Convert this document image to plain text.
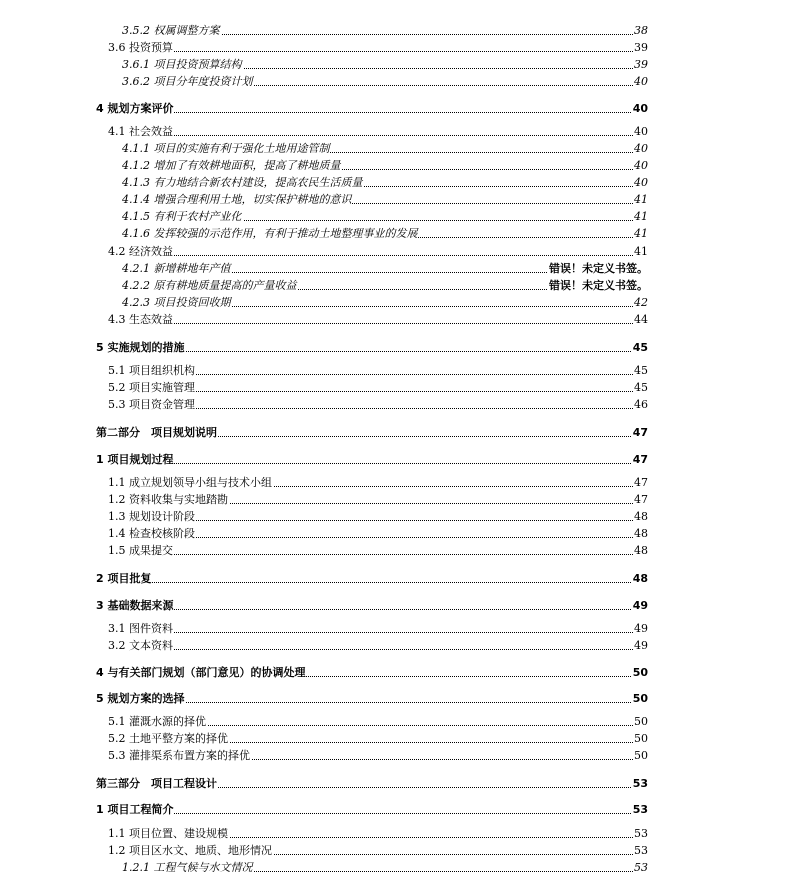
3.5.2 权属调整方案	38
3.6 投资预算	39
3.6.1 项目投资预算结构	39
3.6.2 项目分年度投资计划	40
4 规划方案评价	40
4.1 社会效益	40
4.1.1 项目的实施有利于强化土地用途管制	40
4.1.2 增加了有效耕地面积，提高了耕地质量	40
4.1.3 有力地结合新农村建设，提高农民生活质量	40
4.1.4 增强合理利用土地，切实保护耕地的意识	41
4.1.5 有利于农村产业化	41
4.1.6 发挥较强的示范作用，有利于推动土地整理事业的发展	41
4.2 经济效益	41
4.2.1 新增耕地年产值	错误！未定义书签。
4.2.2 原有耕地质量提高的产量收益	错误！未定义书签。
4.2.3 项目投资回收期	42
4.3 生态效益	44
5 实施规划的措施	45
5.1 项目组织机构	45
5.2 项目实施管理	45
5.3 项目资金管理	46
第二部分　项目规划说明	47
1 项目规划过程	47
1.1 成立规划领导小组与技术小组	47
1.2 资料收集与实地踏勘	47
1.3 规划设计阶段	48
1.4 检查校核阶段	48
1.5 成果提交	48
2 项目批复	48
3 基础数据来源	49
3.1 图件资料	49
3.2 文本资料	49
4 与有关部门规划（部门意见）的协调处理	50
5 规划方案的选择	50
5.1 灌溉水源的择优	50
5.2 土地平整方案的择优	50
5.3 灌排渠系布置方案的择优	50
第三部分　项目工程设计	53
1 项目工程简介	53
1.1 项目位置、建设规模	53
1.2 项目区水文、地质、地形情况	53
1.2.1 工程气候与水文情况	53
